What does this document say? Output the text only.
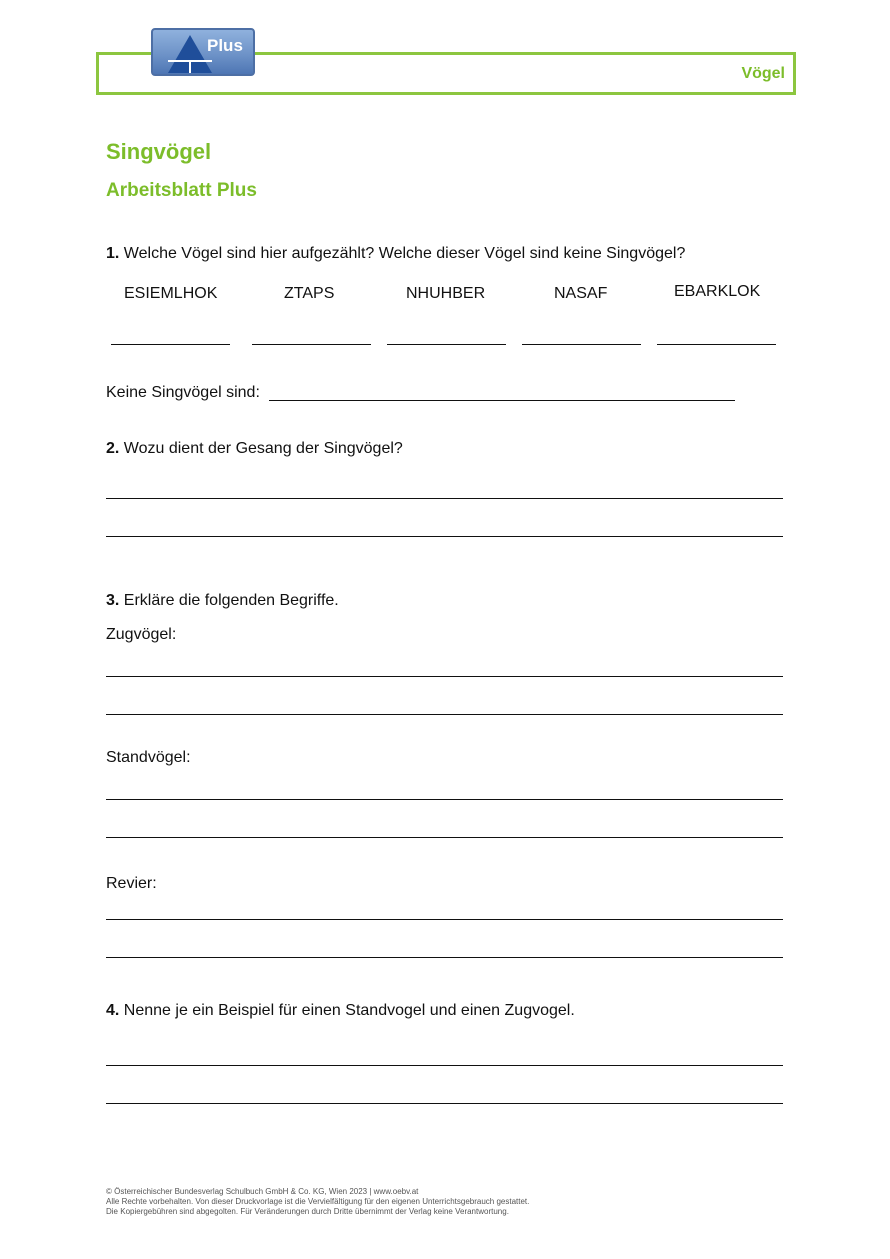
Vögel
Plus
Singvögel
Arbeitsblatt Plus
1. Welche Vögel sind hier aufgezählt? Welche dieser Vögel sind keine Singvögel?
ESIEMLHOK	ZTAPS	NHUHBER	NASAF	EBARKLOK
Keine Singvögel sind:
2. Wozu dient der Gesang der Singvögel?
3. Erkläre die folgenden Begriffe.
Zugvögel:
Standvögel:
Revier:
4. Nenne je ein Beispiel für einen Standvogel und einen Zugvogel.
© Österreichischer Bundesverlag Schulbuch GmbH & Co. KG, Wien 2023 | www.oebv.at
Alle Rechte vorbehalten. Von dieser Druckvorlage ist die Vervielfältigung für den eigenen Unterrichtsgebrauch gestattet.
Die Kopiergebühren sind abgegolten. Für Veränderungen durch Dritte übernimmt der Verlag keine Verantwortung.
